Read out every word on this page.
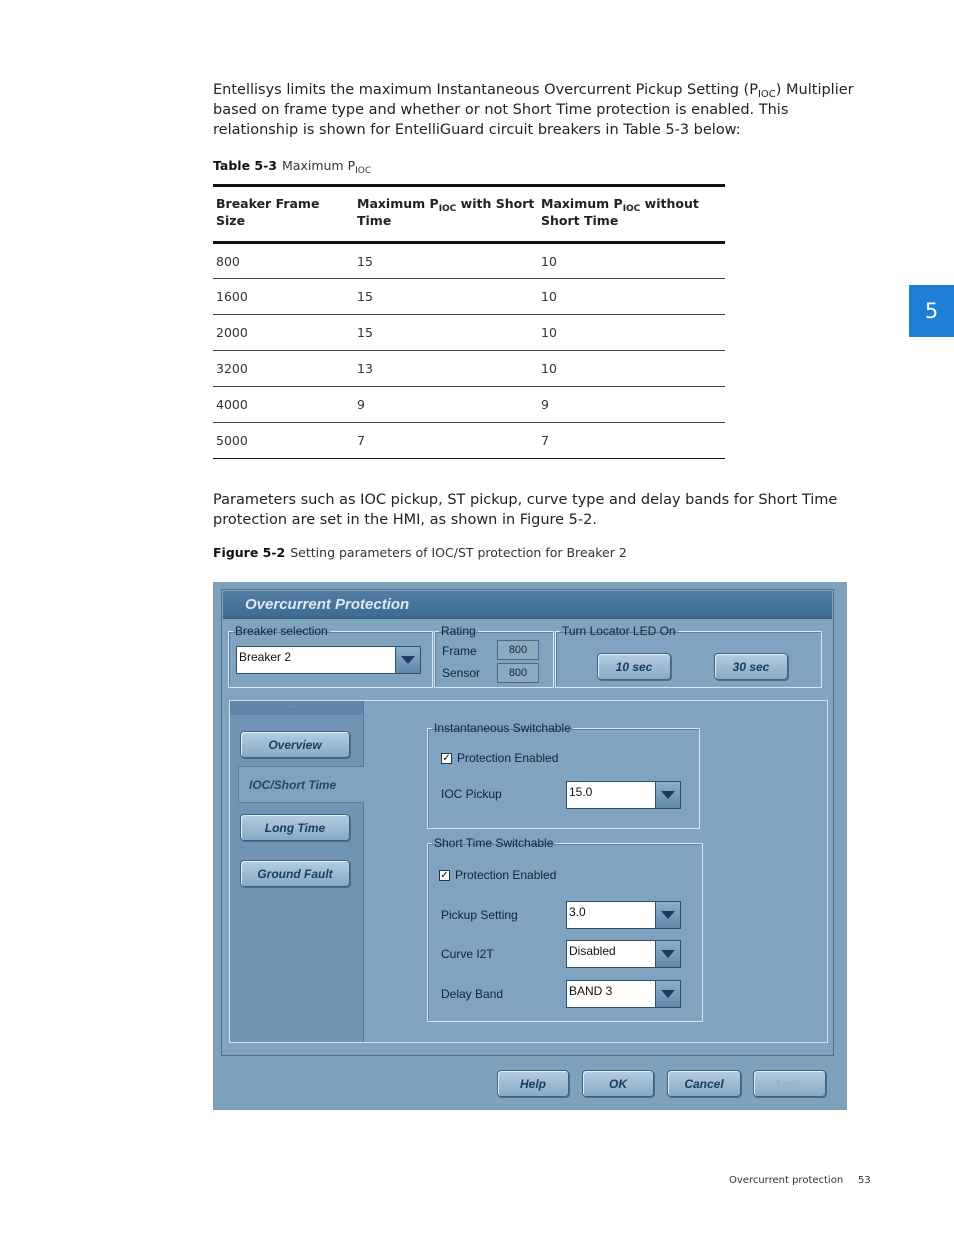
Entellisys limits the maximum Instantaneous Overcurrent Pickup Setting $(P_{IOC})$ Multiplier based on frame type and whether or not Short Time protection is enabled. This relationship is shown for EntelliGuard circuit breakers in Table 5-3 below:

Table 5-3 Maximum $P_{IOC}$
Breaker Frame Size	Maximum $P_{IOC}$ with Short Time	Maximum $P_{IOC}$ without Short Time
800	15	10
1600	15	10
2000	15	10
3200	13	10
4000	9	9
5000	7	7

Parameters such as IOC pickup, ST pickup, curve type and delay bands for Short Time protection are set in the HMI, as shown in Figure 5-2.

Figure 5-2 Setting parameters of IOC/ST protection for Breaker 2
5
Overcurrent Protection
Breaker selection
Breaker 2
Rating
Frame	800
Sensor	800
Turn Locator LED On
10 sec	30 sec
· · · ·
Overview
Long Time
Ground Fault
IOC/Short Time
Instantaneous Switchable
✓ Protection Enabled
IOC Pickup	15.0
Short Time Switchable
✓ Protection Enabled
Pickup Setting	3.0
Curve I2T	Disabled
Delay Band	BAND 3
Help	OK	Cancel	Apply
Overcurrent protection 53
